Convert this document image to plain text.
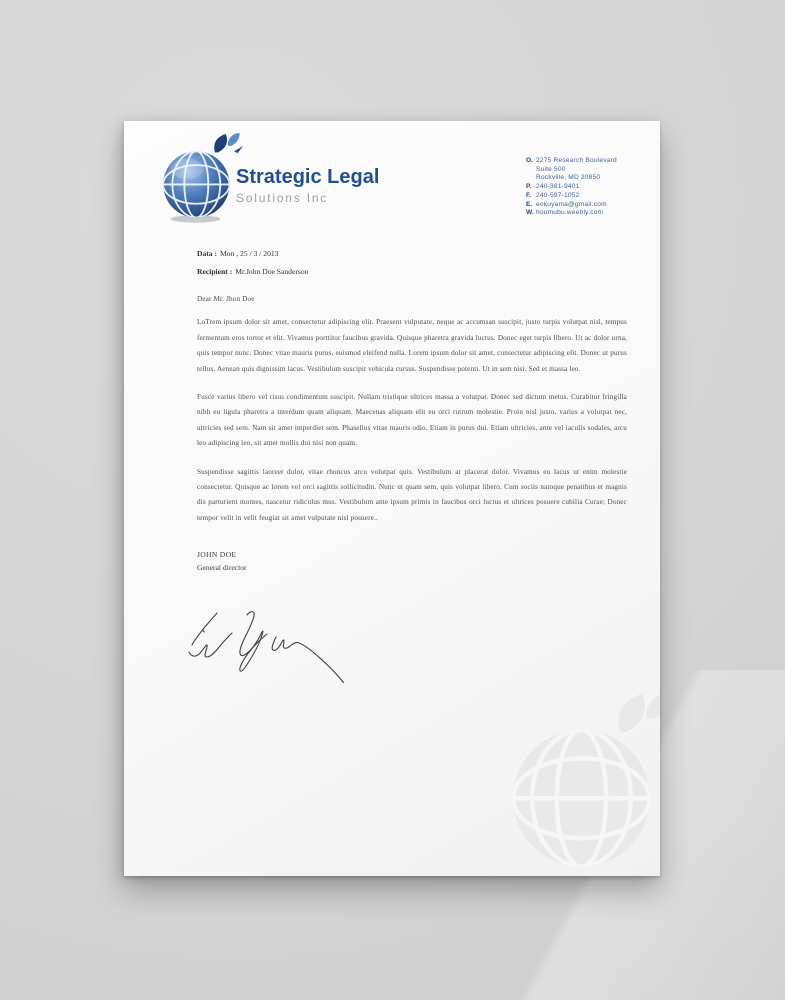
Strategic Legal
Solutions Inc
O. 2275 Research Boulevard
Suite 500
Rockville, MD 20850
P. 240-381-9401
F. 240-597-1052
E. eokuyama@gmail.com
W. houmubu.weebly.com
Data : Mon , 25 / 3 / 2013
Recipient : Mr.John Doe Sanderson
Dear Mr. Jhon Doe

LoTrem ipsum dolor sit amet, consectetur adipiscing elit. Praesent vulputate, neque ac accumsan suscipit, justo turpis volutpat nisl, tempus fermentum eros tortor et elit. Vivamus porttitor faucibus gravida. Quisque pharetra gravida luctus. Donec eget turpis libero. Ut ac dolor urna, quis tempor nunc. Donec vitae mauris purus, euismod eleifend nulla. Lorem ipsum dolor sit amet, consectetur adipiscing elit. Donec ut purus tellus. Aenean quis dignissim lacus. Vestibulum suscipit vehicula cursus. Suspendisse potenti. Ut in sem nisi. Sed et massa leo.

Fusce varius libero vel risus condimentum suscipit. Nullam tristique ultrices massa a volutpat. Donec sed dictum metus. Curabitur fringilla nibh eu ligula pharetra a interdum quam aliquam. Maecenas aliquam elit eu orci rutrum molestie. Proin nisl justo, varius a volutpat nec, ultricies sed sem. Nam sit amet imperdiet sem. Phasellus vitae mauris odio. Etiam in purus dui. Etiam ultricies, ante vel iaculis sodales, arcu leo adipiscing leo, sit amet mollis dui nisi non quam.

Suspendisse sagittis laoreet dolor, vitae rhoncus arcu volutpat quis. Vestibulum at placerat dolor. Vivamus eu lacus ut enim molestie consectetur. Quisque ac lorem vel orci sagittis sollicitudin. Nunc ut quam sem, quis volutpat libero. Cum sociis natoque penatibus et magnis dis parturient montes, nascetur ridiculus mus. Vestibulum ante ipsum primis in faucibus orci luctus et ultrices posuere cubilia Curae; Donec tempor velit in velit feugiat sit amet vulputate nisl posuere..

JOHN DOE
General director
